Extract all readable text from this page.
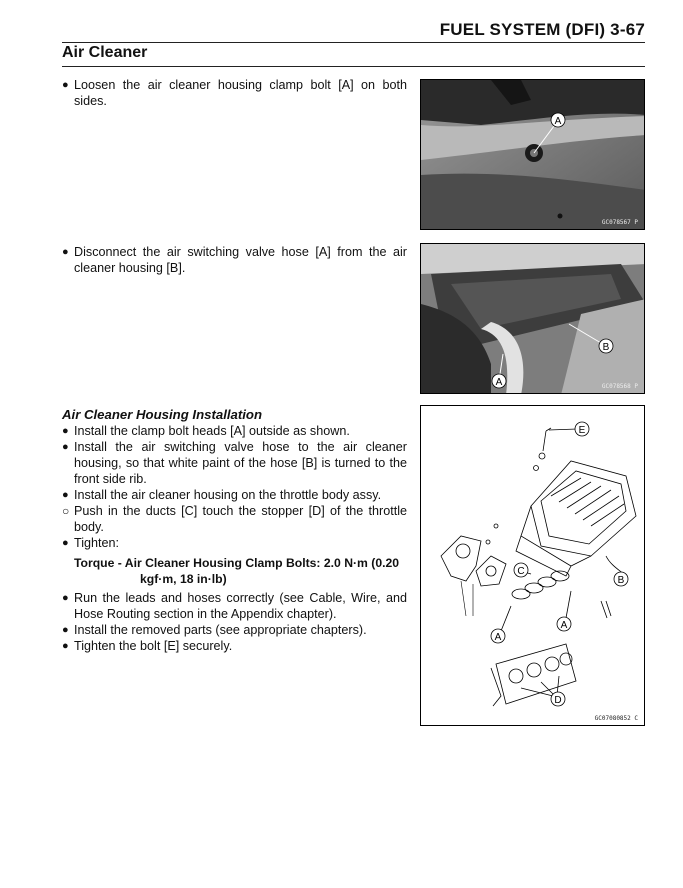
FUEL SYSTEM (DFI) 3-67
Air Cleaner
● Loosen the air cleaner housing clamp bolt [A] on both sides.
A
GC078567 P
● Disconnect the air switching valve hose [A] from the air cleaner housing [B].
B
A	GC078568 P
Air Cleaner Housing Installation
● Install the clamp bolt heads [A] outside as shown.
● Install the air switching valve hose to the air cleaner housing, so that white paint of the hose [B] is turned to the front side rib.
● Install the air cleaner housing on the throttle body assy.
○ Push in the ducts [C] touch the stopper [D] of the throttle body.
● Tighten:
Torque - Air Cleaner Housing Clamp Bolts: 2.0 N·m (0.20
kgf·m, 18 in·lb)
● Run the leads and hoses correctly (see Cable, Wire, and Hose Routing section in the Appendix chapter).
● Install the removed parts (see appropriate chapters).
● Tighten the bolt [E] securely.
E
C
B
A
A
D
GC07080852 C
